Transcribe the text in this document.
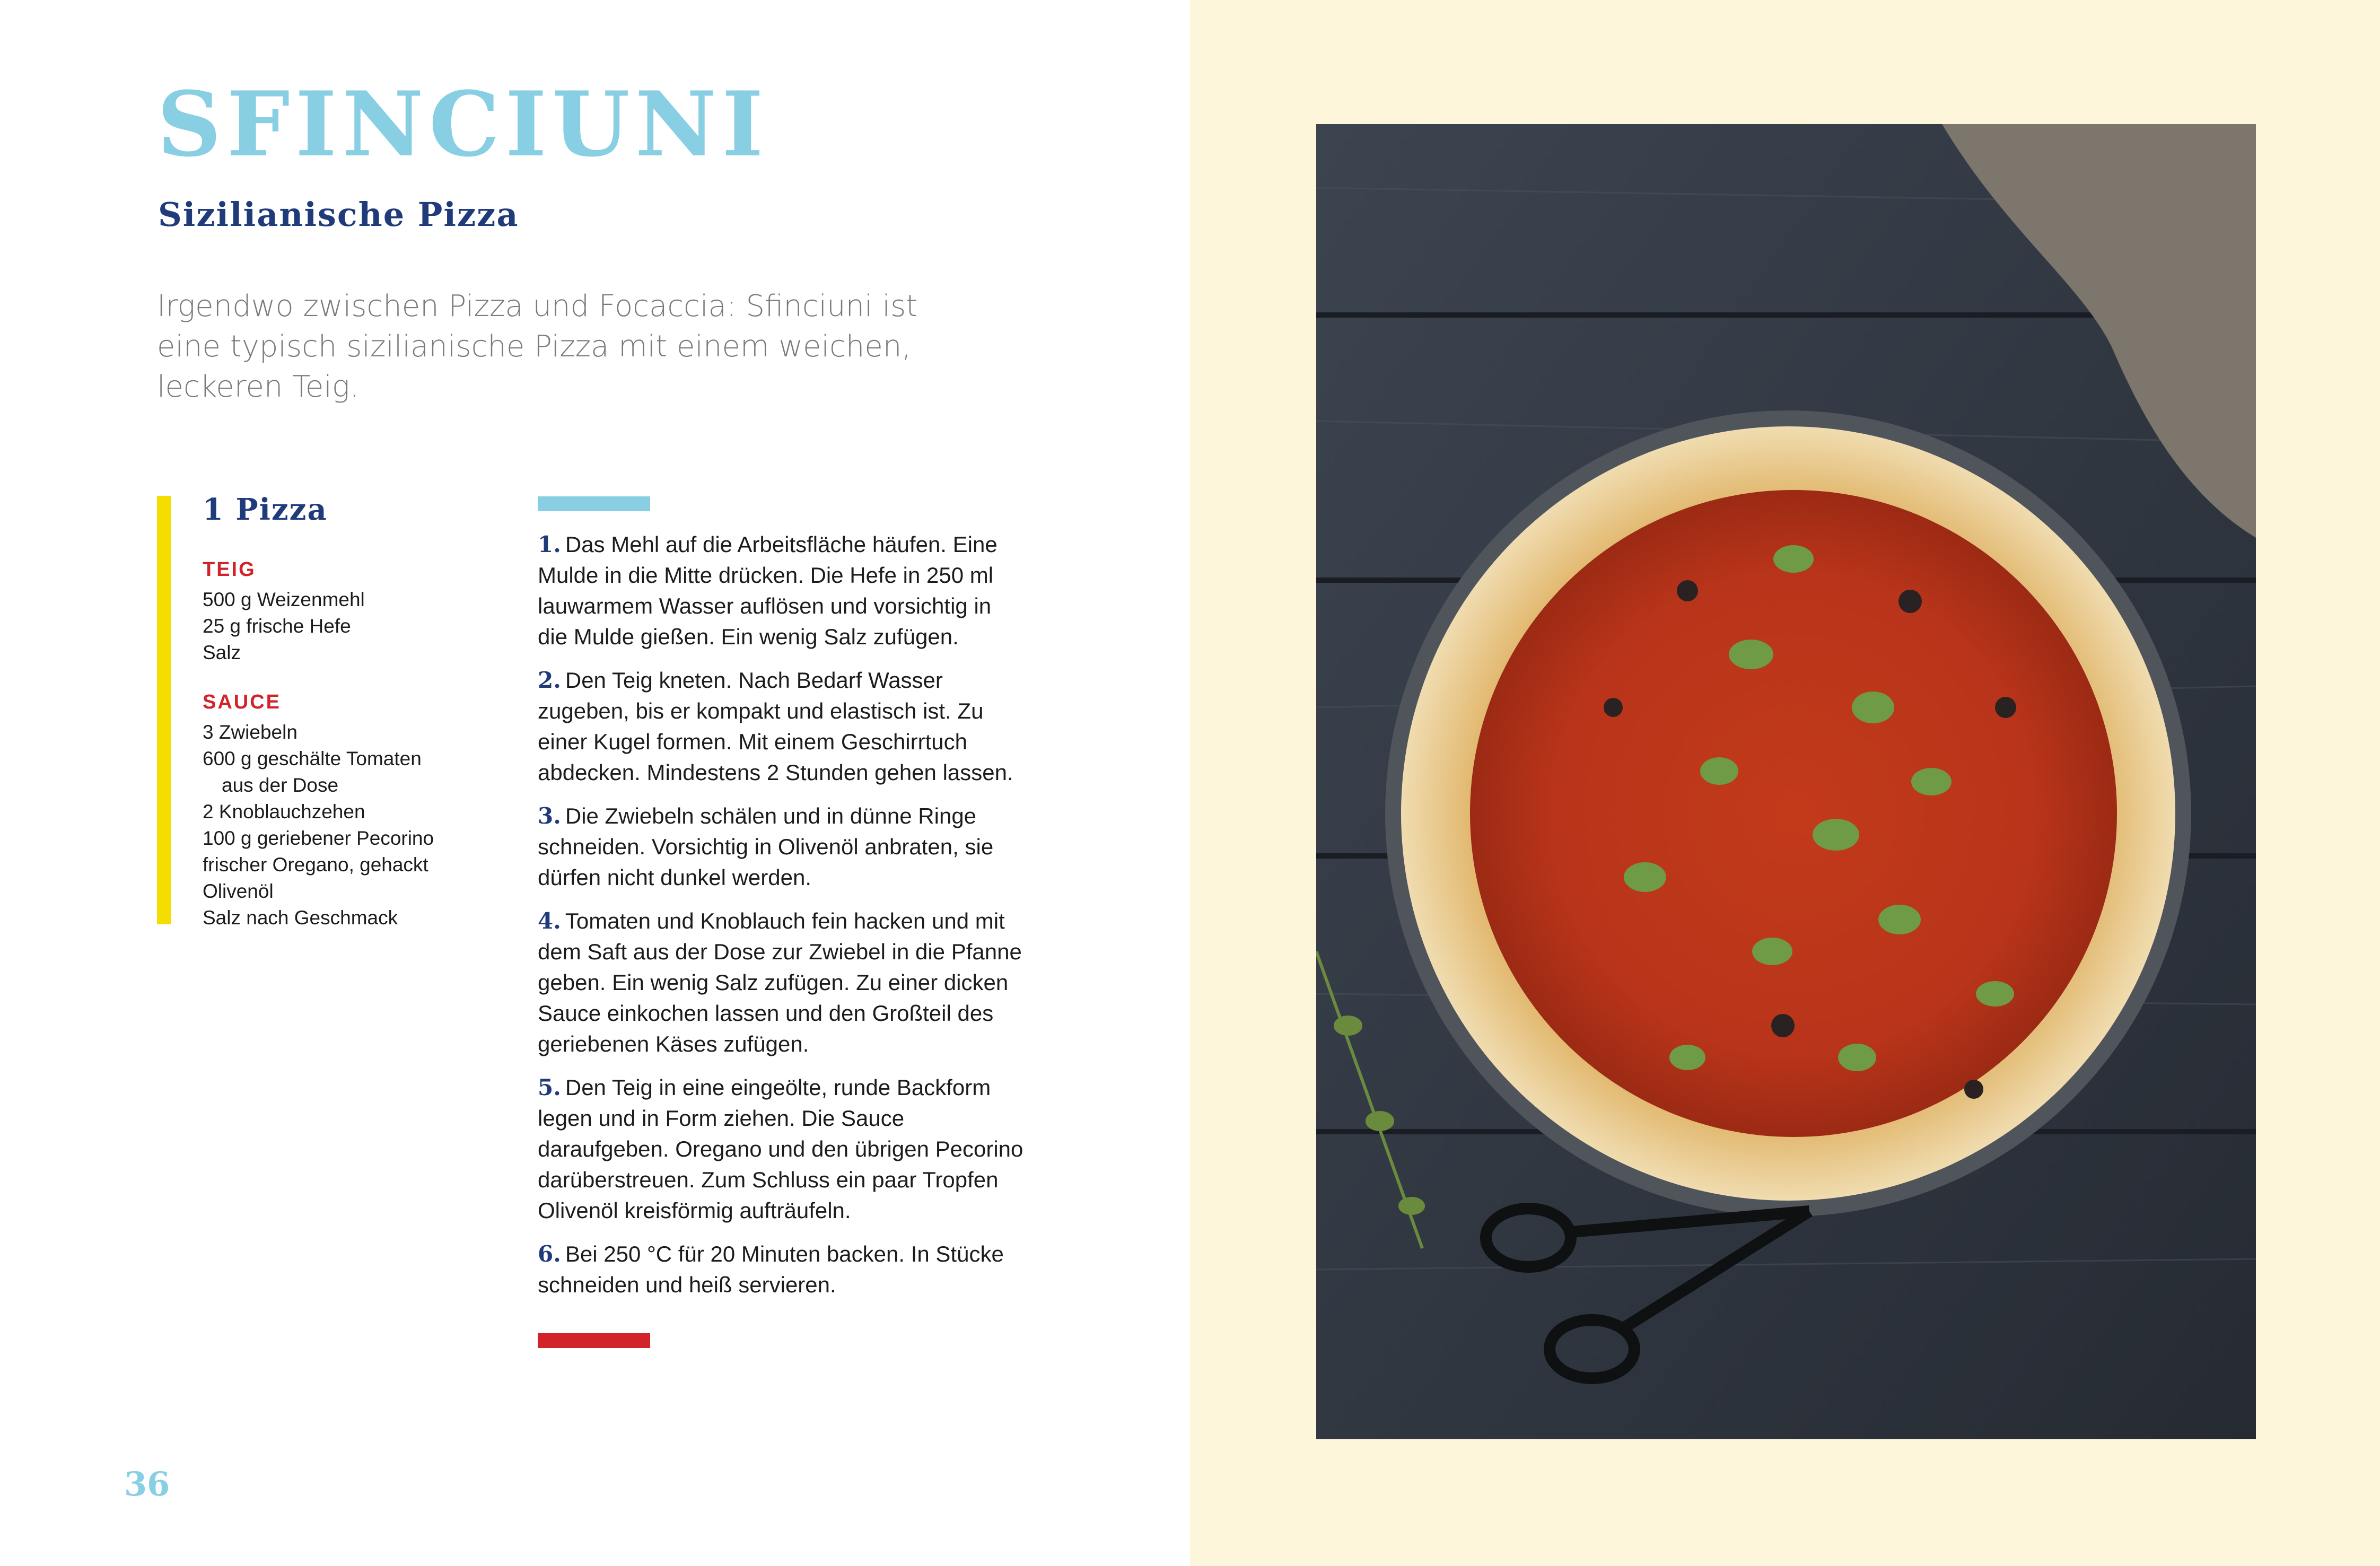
SFINCIUNI
Sizilianische Pizza

Irgendwo zwischen Pizza und Focaccia: Sfinciuni ist eine typisch sizilianische Pizza mit einem weichen, leckeren Teig.

1 Pizza
TEIG
500 g Weizenmehl
25 g frische Hefe
Salz
SAUCE
3 Zwiebeln
600 g geschälte Tomaten
aus der Dose
2 Knoblauchzehen
100 g geriebener Pecorino
frischer Oregano, gehackt
Olivenöl
Salz nach Geschmack

1. Das Mehl auf die Arbeitsfläche häufen. Eine Mulde in die Mitte drücken. Die Hefe in 250 ml lauwarmem Wasser auflösen und vorsichtig in die Mulde gießen. Ein wenig Salz zufügen.

2. Den Teig kneten. Nach Bedarf Wasser zugeben, bis er kompakt und elastisch ist. Zu einer Kugel formen. Mit einem Geschirrtuch abdecken. Mindestens 2 Stunden gehen lassen.

3. Die Zwiebeln schälen und in dünne Ringe schneiden. Vorsichtig in Olivenöl anbraten, sie dürfen nicht dunkel werden.

4. Tomaten und Knoblauch fein hacken und mit dem Saft aus der Dose zur Zwiebel in die Pfanne geben. Ein wenig Salz zufügen. Zu einer dicken Sauce einkochen lassen und den Großteil des geriebenen Käses zufügen.

5. Den Teig in eine eingeölte, runde Backform legen und in Form ziehen. Die Sauce daraufgeben. Oregano und den übrigen Pecorino darüberstreuen. Zum Schluss ein paar Tropfen Olivenöl kreisförmig aufträufeln.

6. Bei 250 °C für 20 Minuten backen. In Stücke schneiden und heiß servieren.

36
